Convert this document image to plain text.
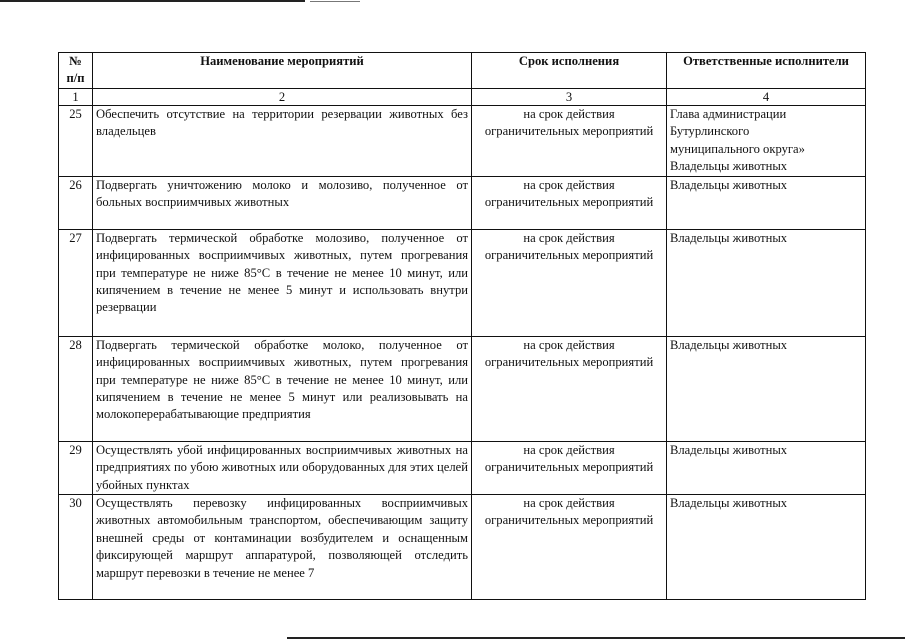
№
п/п	Наименование мероприятий	Срок исполнения	Ответственные исполнители
1	2	3	4
25	Обеспечить отсутствие на территории резервации животных без владельцев	на срок действия ограничительных мероприятий	Глава администрации
Бутурлинского
муниципального округа»
Владельцы животных

26	Подвергать уничтожению молоко и молозиво, полученное от больных восприимчивых животных	на срок действия ограничительных мероприятий	Владельцы животных

27	Подвергать термической обработке молозиво, полученное от инфицированных восприимчивых животных, путем прогревания при температуре не ниже 85°С в течение не менее 10 минут, или кипячением в течение не менее 5 минут и использовать внутри резервации	на срок действия ограничительных мероприятий	Владельцы животных

28	Подвергать термической обработке молоко, полученное от инфицированных восприимчивых животных, путем прогревания при температуре не ниже 85°С в течение не менее 10 минут, или кипячением в течение не менее 5 минут или реализовывать на молокоперерабатывающие предприятия	на срок действия ограничительных мероприятий	Владельцы животных

29	Осуществлять убой инфицированных восприимчивых животных на предприятиях по убою животных или оборудованных для этих целей убойных пунктах	на срок действия ограничительных мероприятий	Владельцы животных

30	Осуществлять перевозку инфицированных восприимчивых животных автомобильным транспортом, обеспечивающим защиту внешней среды от контаминации возбудителем и оснащенным фиксирующей маршрут аппаратурой, позволяющей отследить маршрут перевозки в течение не менее 7	на срок действия ограничительных мероприятий	Владельцы животных
